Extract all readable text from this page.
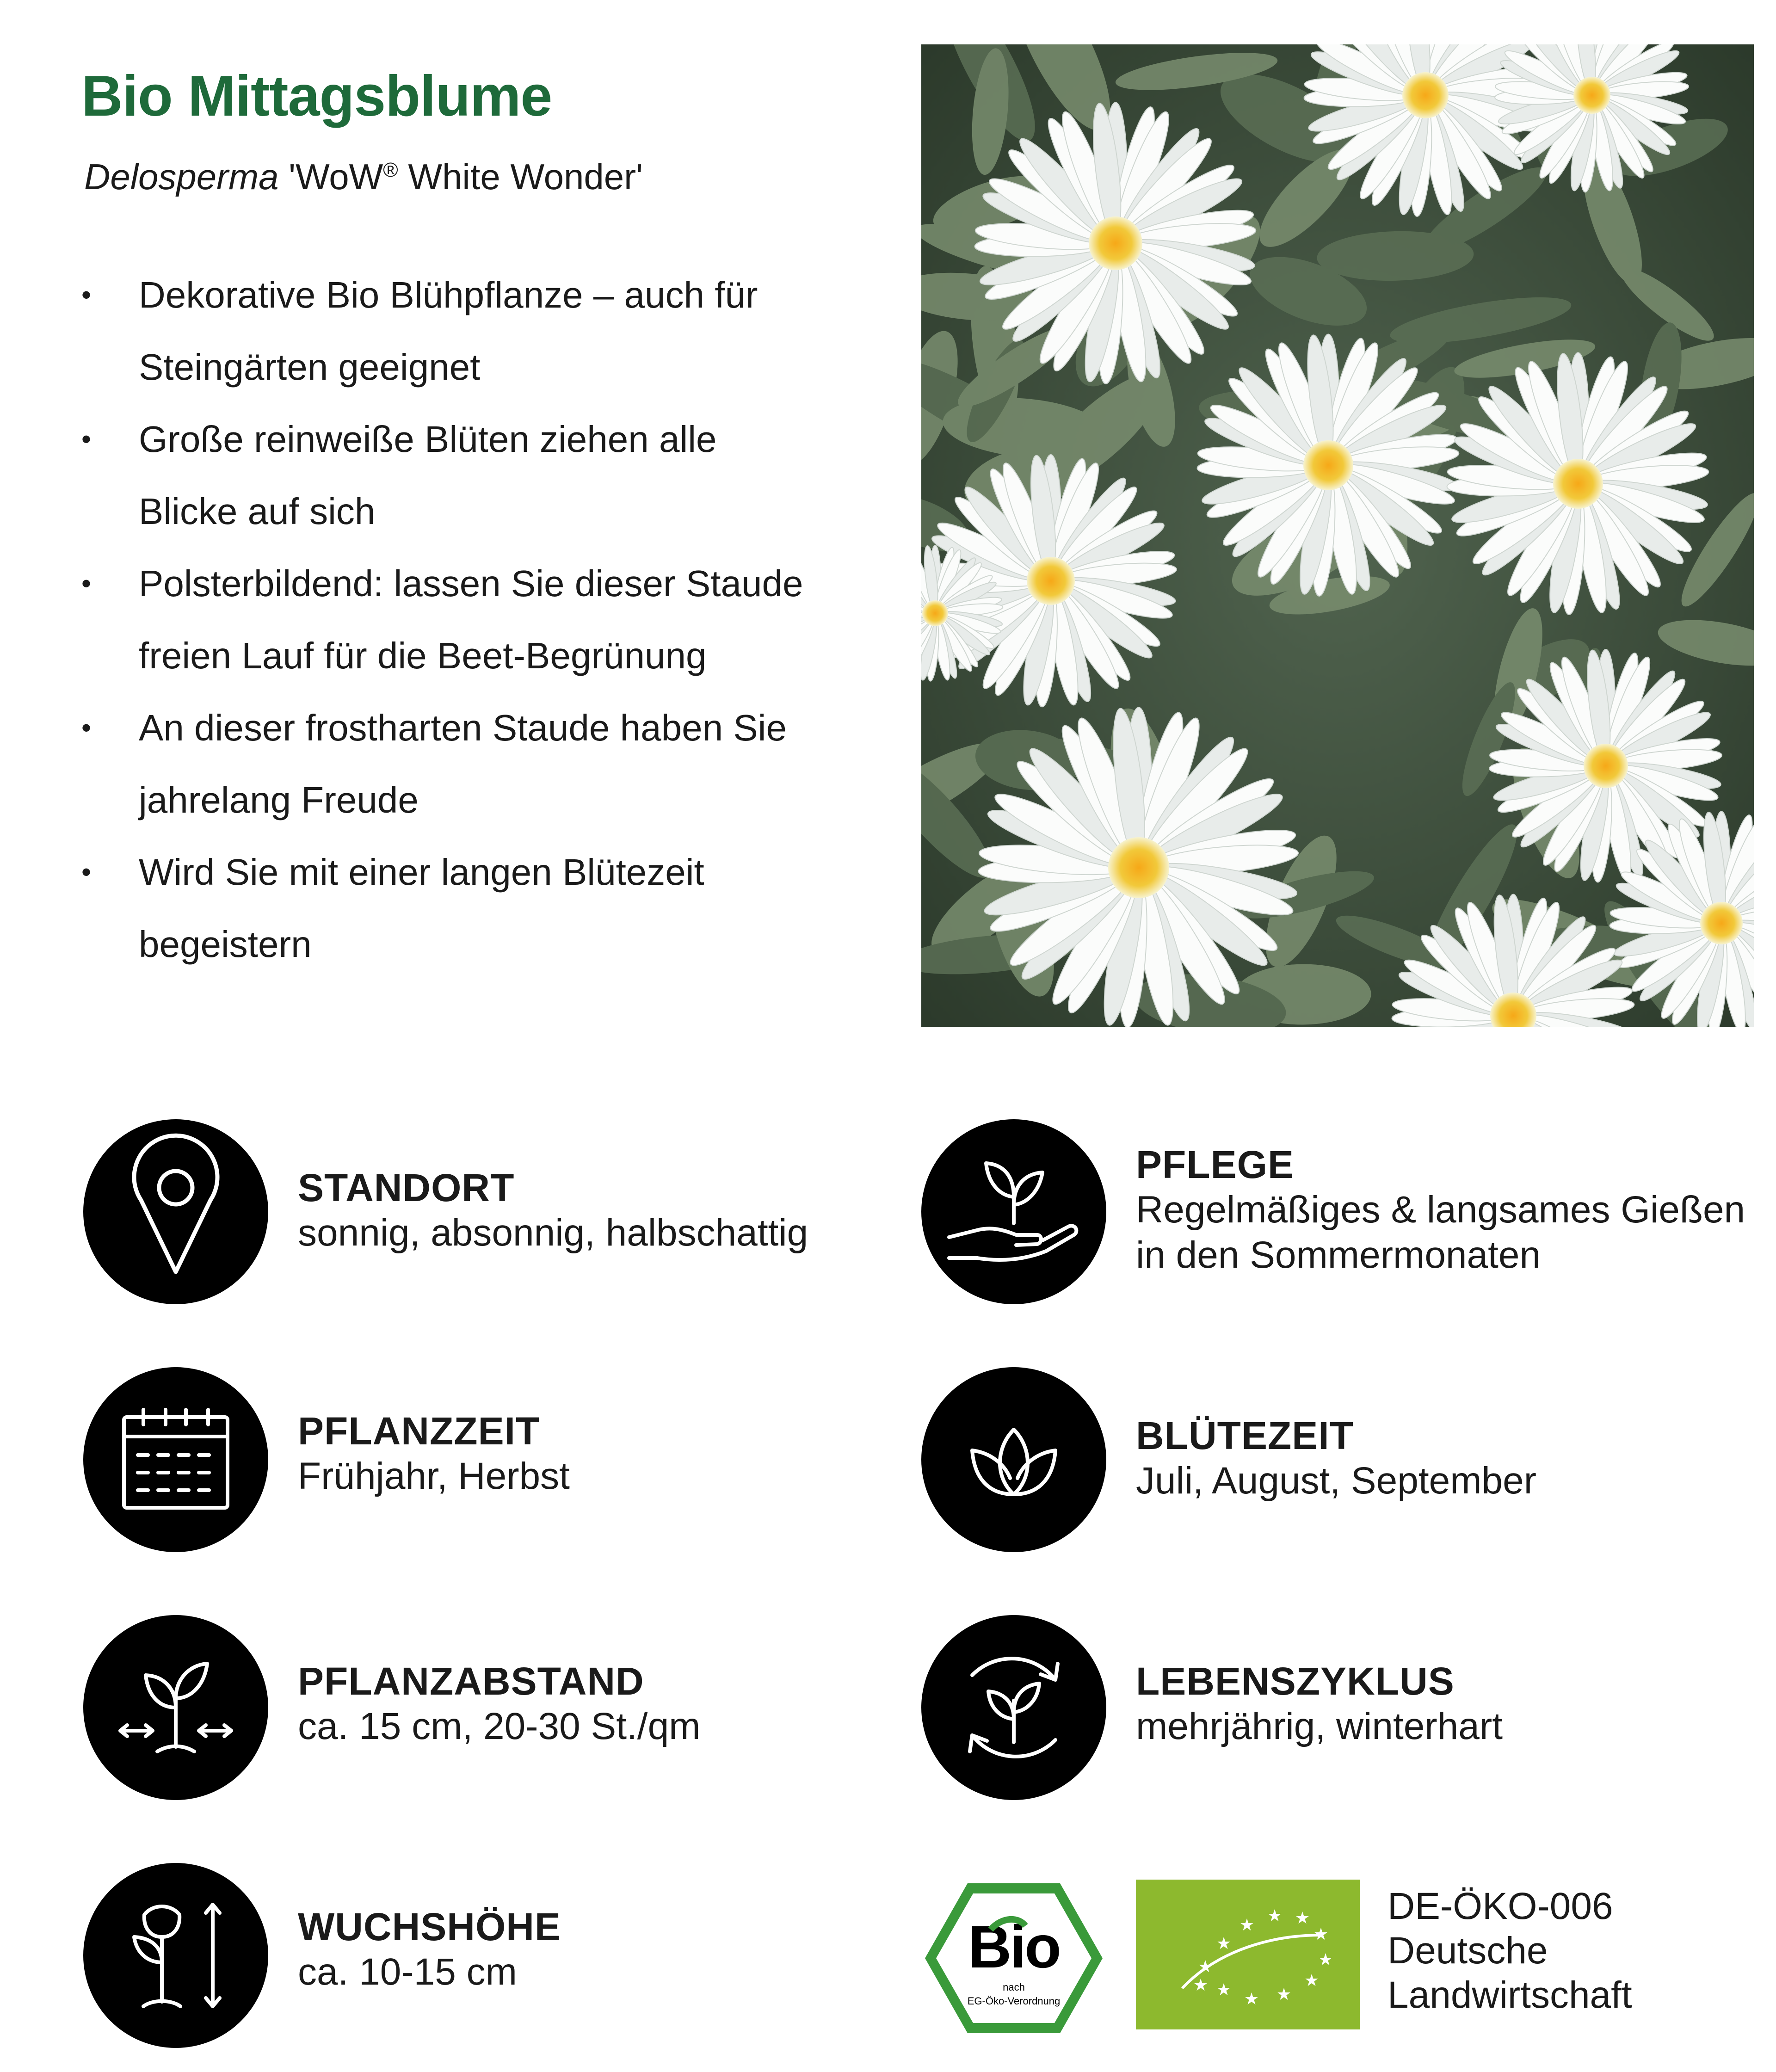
Bio Mittagsblume
Delosperma 'WoW® White Wonder'
• Dekorative Bio Blühpflanze – auch für
Steingärten geeignet
• Große reinweiße Blüten ziehen alle
Blicke auf sich
• Polsterbildend: lassen Sie dieser Staude
freien Lauf für die Beet-Begrünung
• An dieser frostharten Staude haben Sie
jahrelang Freude
• Wird Sie mit einer langen Blütezeit
begeistern
STANDORT
sonnig, absonnig, halbschattig
PFLEGE
Regelmäßiges & langsames Gießen
in den Sommermonaten
PFLANZZEIT
Frühjahr, Herbst
BLÜTEZEIT
Juli, August, September
PFLANZABSTAND
ca. 15 cm, 20-30 St./qm
LEBENSZYKLUS
mehrjährig, winterhart
WUCHSHÖHE
ca. 10-15 cm	Bio
nach
EG-Öko-Verordnung
★
★
★ ★ ★
★
★
★
★
★
★
★
DE-ÖKO-006
Deutsche
Landwirtschaft
